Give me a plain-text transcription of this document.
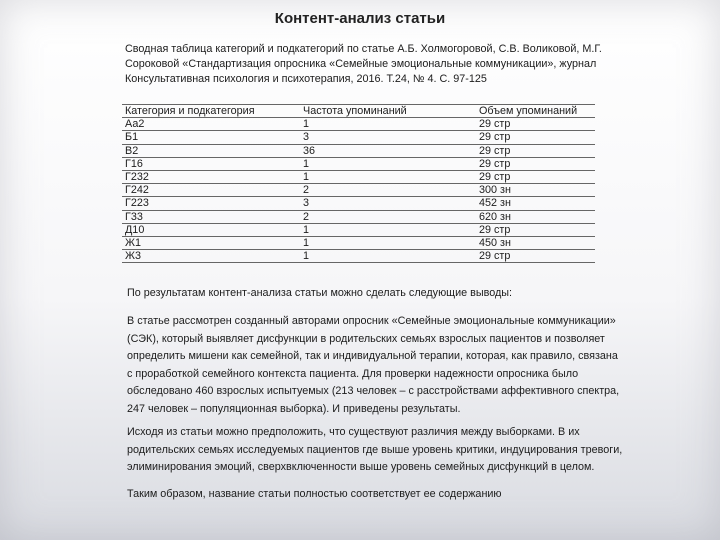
Контент-анализ статьи
Сводная таблица категорий и подкатегорий по статье А.Б. Холмогоровой, С.В. Воликовой, М.Г.
Сороковой «Стандартизация опросника «Семейные эмоциональные коммуникации», журнал
Консультативная психология и психотерапия, 2016. Т.24, № 4. С. 97-125
Категория и подкатегория	Частота упоминаний	Объем упоминаний
Аа2	1	29 стр
Б1	3	29 стр
В2	36	29 стр
Г16	1	29 стр
Г232	1	29 стр
Г242	2	300 зн
Г223	3	452 зн
Г33	2	620 зн
Д10	1	29 стр
Ж1	1	450 зн
Ж3	1	29 стр
По результатам контент-анализа статьи можно сделать следующие выводы:
В статье рассмотрен созданный авторами опросник «Семейные эмоциональные коммуникации»
(СЭК), который выявляет дисфункции в родительских семьях взрослых пациентов и позволяет
определить мишени как семейной, так и индивидуальной терапии, которая, как правило, связана
с проработкой семейного контекста пациента. Для проверки надежности опросника было
обследовано 460 взрослых испытуемых (213 человек – с расстройствами аффективного спектра,
247 человек – популяционная выборка). И приведены результаты.
Исходя из статьи можно предположить, что существуют различия между выборками. В их
родительских семьях исследуемых пациентов где выше уровень критики, индуцирования тревоги,
элиминирования эмоций, сверхвключенности выше уровень семейных дисфункций в целом.
Таким образом, название статьи полностью соответствует ее содержанию
